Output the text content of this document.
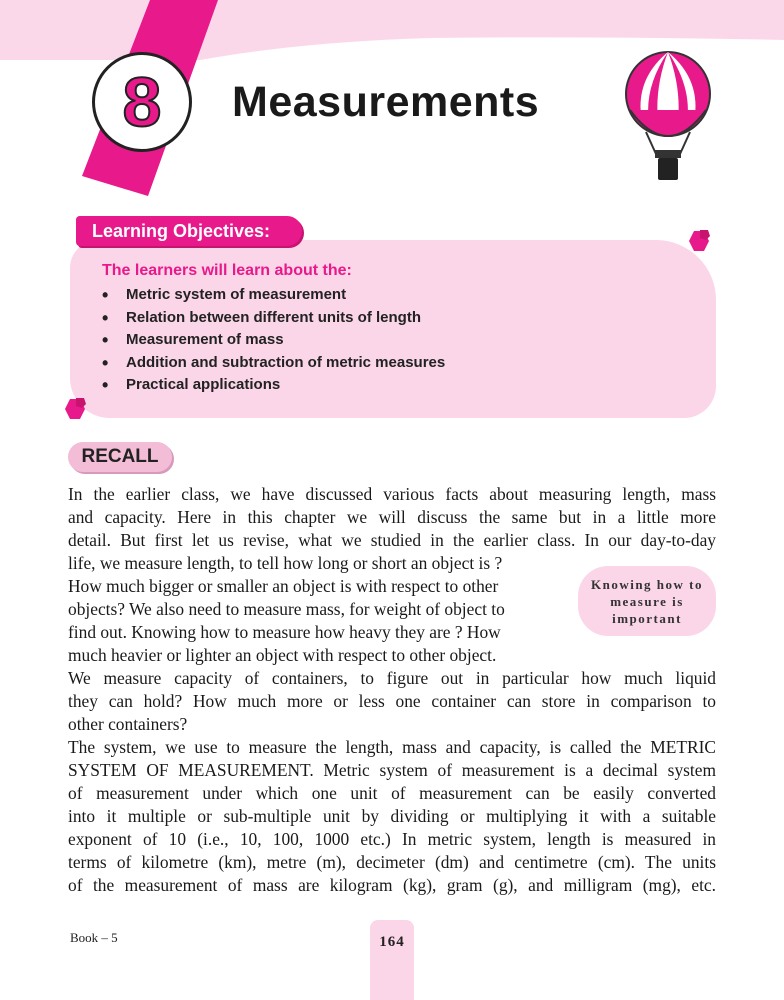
8 Measurements
The learners will learn about the:
• Metric system of measurement
• Relation between different units of length
• Measurement of mass
• Addition and subtraction of metric measures
• Practical applications
Learning Objectives:
RECALL
In the earlier class, we have discussed various facts about measuring length, mass
and capacity. Here in this chapter we will discuss the same but in a little more
detail. But first let us revise, what we studied in the earlier class. In our day-to-day
life, we measure length, to tell how long or short an object is ?
How much bigger or smaller an object is with respect to other
objects? We also need to measure mass, for weight of object to
find out. Knowing how to measure how heavy they are ? How
much heavier or lighter an object with respect to other object.
We measure capacity of containers, to figure out in particular how much liquid
they can hold? How much more or less one container can store in comparison to
other containers?
The system, we use to measure the length, mass and capacity, is called the METRIC
SYSTEM OF MEASUREMENT. Metric system of measurement is a decimal system
of measurement under which one unit of measurement can be easily converted
into it multiple or sub-multiple unit by dividing or multiplying it with a suitable
exponent of 10 (i.e., 10, 100, 1000 etc.) In metric system, length is measured in
terms of kilometre (km), metre (m), decimeter (dm) and centimetre (cm). The units
of the measurement of mass are kilogram (kg), gram (g), and milligram (mg), etc.
Knowing how to measure is important
Book – 5	164
